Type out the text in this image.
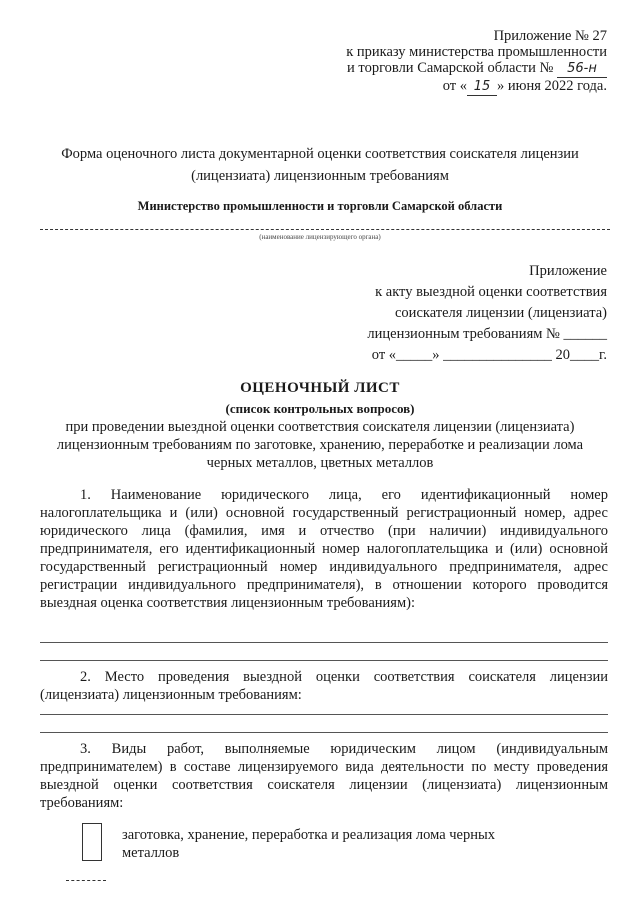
Приложение № 27
к приказу министерства промышленности
и торговли Самарской области № 56-н
от « 15 » июня 2022 года.
Форма оценочного листа документарной оценки соответствия соискателя лицензии
(лицензиата) лицензионным требованиям
Министерство промышленности и торговли Самарской области
(наименование лицензирующего органа)
Приложение
к акту выездной оценки соответствия
соискателя лицензии (лицензиата)
лицензионным требованиям № ______
от «_____» _______________ 20____г.
ОЦЕНОЧНЫЙ ЛИСТ
(список контрольных вопросов)
при проведении выездной оценки соответствия соискателя лицензии (лицензиата)
лицензионным требованиям по заготовке, хранению, переработке и реализации лома
черных металлов, цветных металлов
1. Наименование юридического лица, его идентификационный номер налогоплательщика и (или) основной государственный регистрационный номер, адрес юридического лица (фамилия, имя и отчество (при наличии) индивидуального предпринимателя, его идентификационный номер налогоплательщика и (или) основной государственный регистрационный номер индивидуального предпринимателя, адрес регистрации индивидуального предпринимателя), в отношении которого проводится выездная оценка соответствия лицензионным требованиям):
2. Место проведения выездной оценки соответствия соискателя лицензии (лицензиата) лицензионным требованиям:
3. Виды работ, выполняемые юридическим лицом (индивидуальным предпринимателем) в составе лицензируемого вида деятельности по месту проведения выездной оценки соответствия соискателя лицензии (лицензиата) лицензионным требованиям:
заготовка, хранение, переработка и реализация лома черных
металлов
